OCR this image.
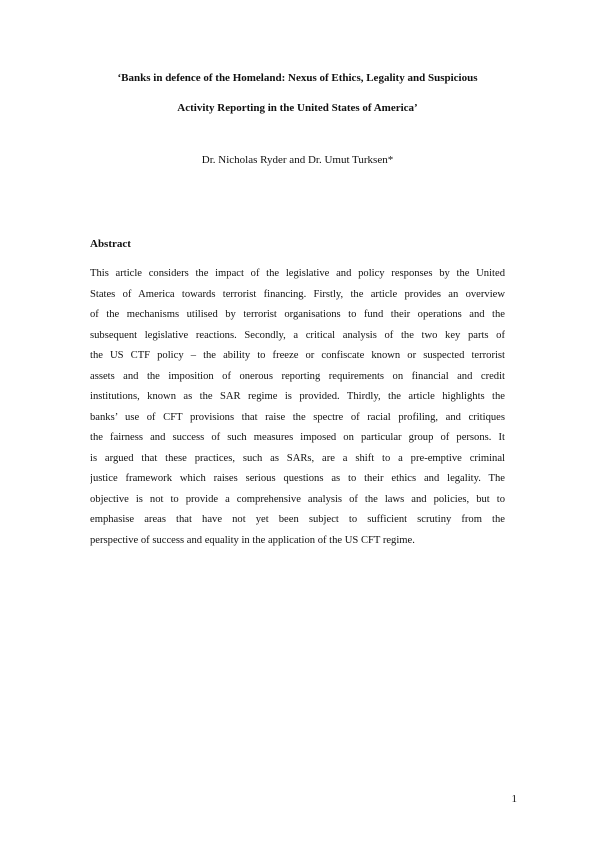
‘Banks in defence of the Homeland: Nexus of Ethics, Legality and Suspicious
Activity Reporting in the United States of America’
Dr. Nicholas Ryder and Dr. Umut Turksen*
Abstract
This article considers the impact of the legislative and policy responses by the United
States of America towards terrorist financing. Firstly, the article provides an overview
of the mechanisms utilised by terrorist organisations to fund their operations and the
subsequent legislative reactions. Secondly, a critical analysis of the two key parts of
the US CTF policy – the ability to freeze or confiscate known or suspected terrorist
assets and the imposition of onerous reporting requirements on financial and credit
institutions, known as the SAR regime is provided. Thirdly, the article highlights the
banks’ use of CFT provisions that raise the spectre of racial profiling, and critiques
the fairness and success of such measures imposed on particular group of persons. It
is argued that these practices, such as SARs, are a shift to a pre-emptive criminal
justice framework which raises serious questions as to their ethics and legality. The
objective is not to provide a comprehensive analysis of the laws and policies, but to
emphasise areas that have not yet been subject to sufficient scrutiny from the
perspective of success and equality in the application of the US CFT regime.
1
